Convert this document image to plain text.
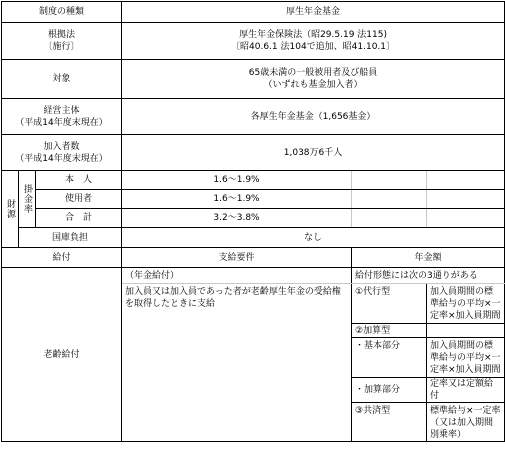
制度の種類			厚生年金基金		

根拠法
〔施行〕			厚生年金保険法（昭29.5.19 法115)
〔昭40.6.1 法104で追加、昭41.10.1〕		

対象			65歳未満の一般被用者及び船員
（いずれも基金加入者）		

経営主体
（平成14年度末現在）			各厚生年金基金（1,656基金）		

加入者数
（平成14年度末現在）			1,038万6千人		
財源	掛金率	本　人	1.6～1.9%		
		使用者	1.6～1.9%		
		合　計	3.2～3.8%		
	国庫負担		なし		
給付			支給要件	年金額	
老齢給付			（年金給付）	給付形態には次の3通りがある	
			加入員又は加入員であった者が老齢厚生年金の受給権を取得したときに支給	①代行型	加入員期間の標準給与の平均×一定率×加入員期間
				②加算型	
				・基本部分	加入員期間の標準給与の平均×一定率×加入員期間
				・加算部分	定率又は定額給付
				③共済型	標準給与×一定率（又は加入期間別乗率）
